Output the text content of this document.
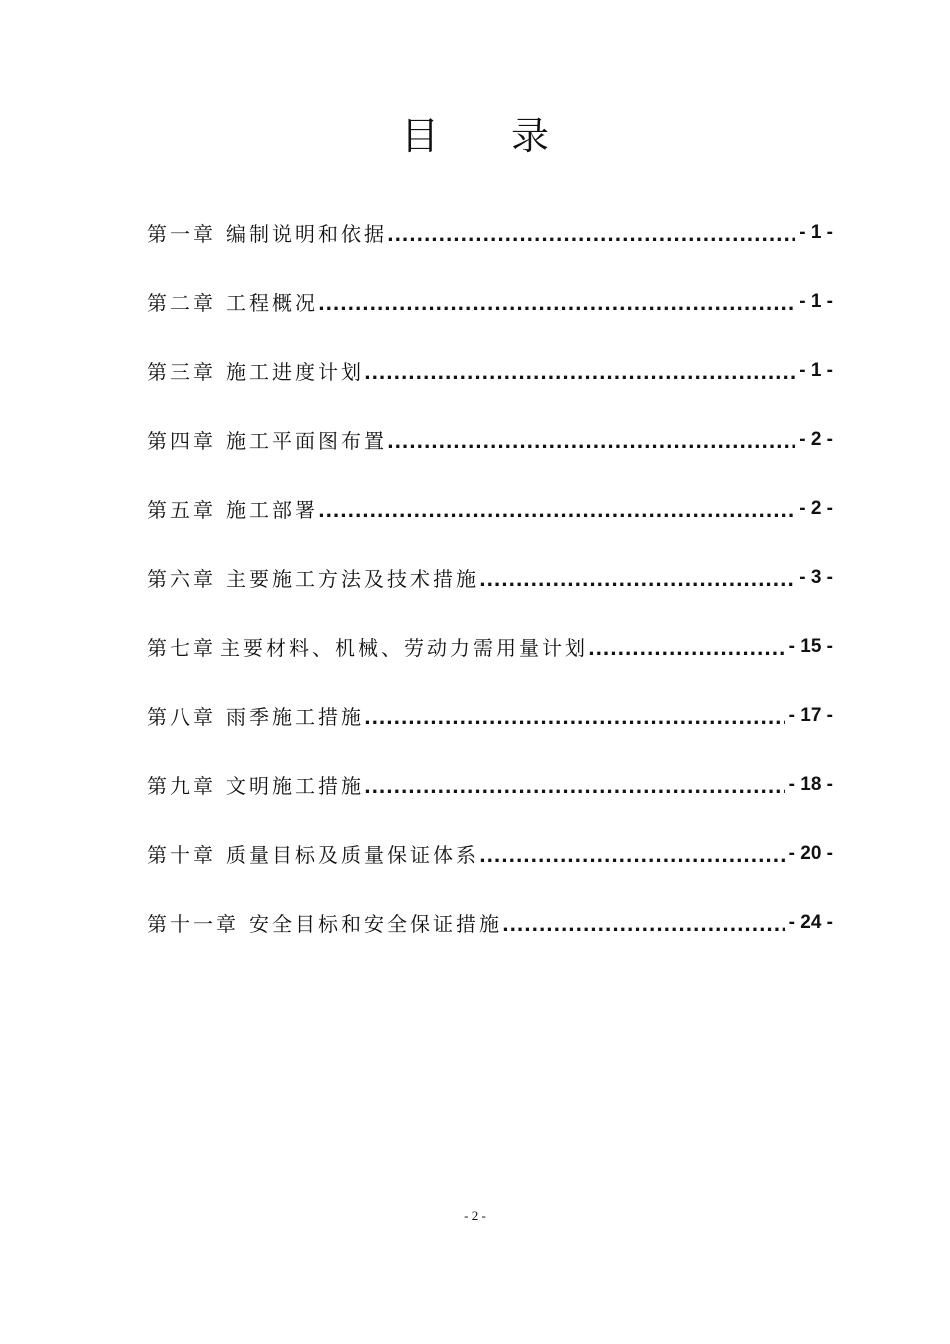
目 录
第一章 编制说明和依据 .....	- 1 -
第二章 工程概况 .....	- 1 -
第三章 施工进度计划 .....	- 1 -
第四章 施工平面图布置 .....	- 2 -
第五章 施工部署 .....	- 2 -
第六章 主要施工方法及技术措施 .....	- 3 -
第七章 主要材料、机械、劳动力需用量计划 .....	- 15 -
第八章 雨季施工措施 .....	- 17 -
第九章 文明施工措施 .....	- 18 -
第十章 质量目标及质量保证体系 .....	- 20 -
第十一章 安全目标和安全保证措施 .....	- 24 -
- 2 -
